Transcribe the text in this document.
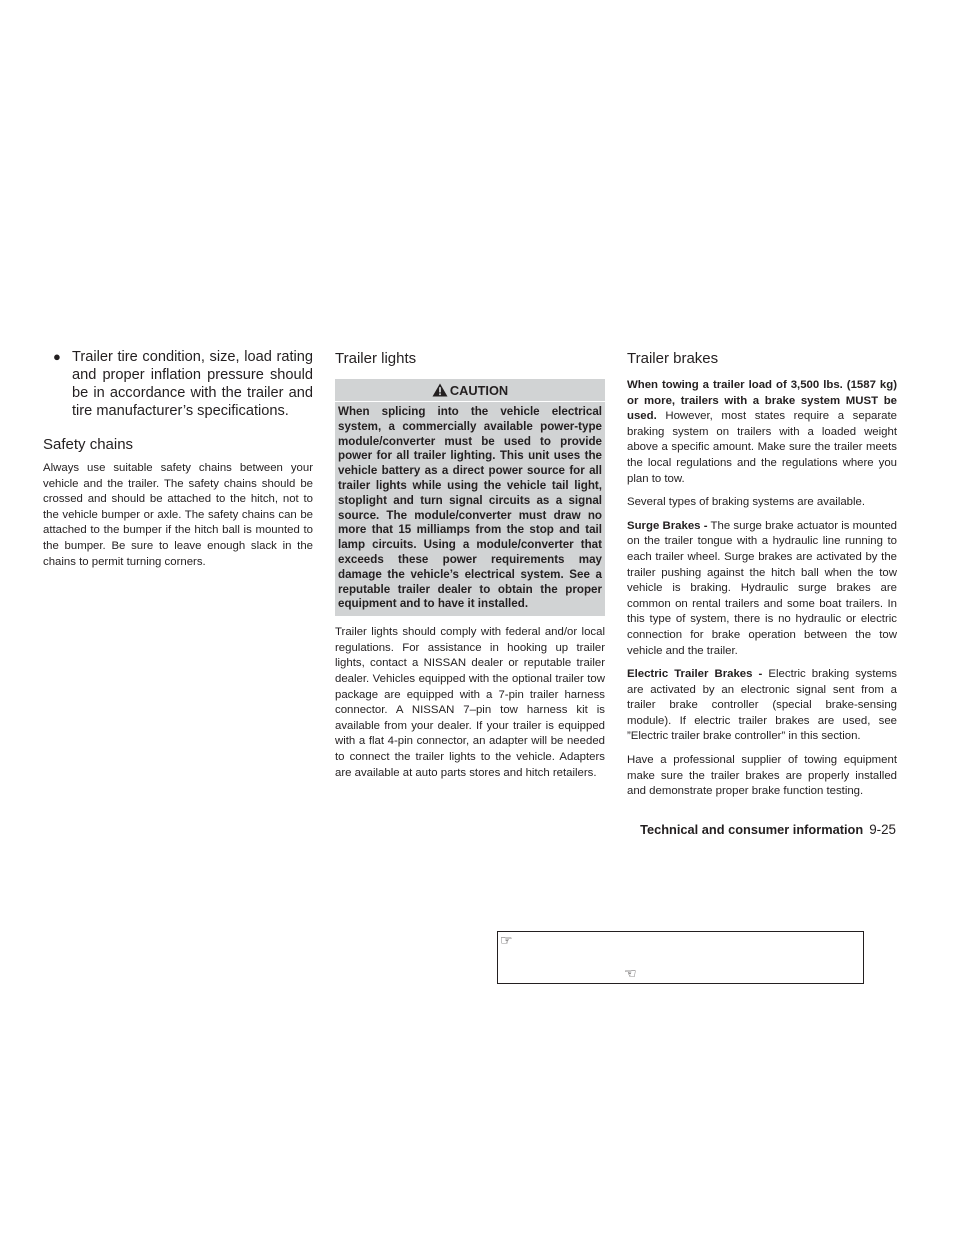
● Trailer tire condition, size, load rating and proper inflation pressure should be in accordance with the trailer and tire manufacturer’s specifications.

Safety chains

Always use suitable safety chains between your vehicle and the trailer. The safety chains should be crossed and should be attached to the hitch, not to the vehicle bumper or axle. The safety chains can be attached to the bumper if the hitch ball is mounted to the bumper. Be sure to leave enough slack in the chains to permit turning corners.

Trailer lights
CAUTION

When splicing into the vehicle electrical system, a commercially available power-type module/converter must be used to provide power for all trailer lighting. This unit uses the vehicle battery as a direct power source for all trailer lights while using the vehicle tail light, stoplight and turn signal circuits as a signal source. The module/converter must draw no more that 15 milliamps from the stop and tail lamp circuits. Using a module/converter that exceeds these power requirements may damage the vehicle’s electrical system. See a reputable trailer dealer to obtain the proper equipment and to have it installed.

Trailer lights should comply with federal and/or local regulations. For assistance in hooking up trailer lights, contact a NISSAN dealer or reputable trailer dealer. Vehicles equipped with the optional trailer tow package are equipped with a 7-pin trailer harness connector. A NISSAN 7–pin tow harness kit is available from your dealer. If your trailer is equipped with a flat 4-pin connector, an adapter will be needed to connect the trailer lights to the vehicle. Adapters are available at auto parts stores and hitch retailers.

Trailer brakes

When towing a trailer load of 3,500 lbs. (1587 kg) or more, trailers with a brake system MUST be used. However, most states require a separate braking system on trailers with a loaded weight above a specific amount. Make sure the trailer meets the local regulations and the regulations where you plan to tow.

Several types of braking systems are available.

Surge Brakes - The surge brake actuator is mounted on the trailer tongue with a hydraulic line running to each trailer wheel. Surge brakes are activated by the trailer pushing against the hitch ball when the tow vehicle is braking. Hydraulic surge brakes are common on rental trailers and some boat trailers. In this type of system, there is no hydraulic or electric connection for brake operation between the tow vehicle and the trailer.

Electric Trailer Brakes - Electric braking systems are activated by an electronic signal sent from a trailer brake controller (special brake-sensing module). If electric trailer brakes are used, see ”Electric trailer brake controller” in this section.

Have a professional supplier of towing equipment make sure the trailer brakes are properly installed and demonstrate proper brake function testing.

Technical and consumer information 9-25
☞
☜
